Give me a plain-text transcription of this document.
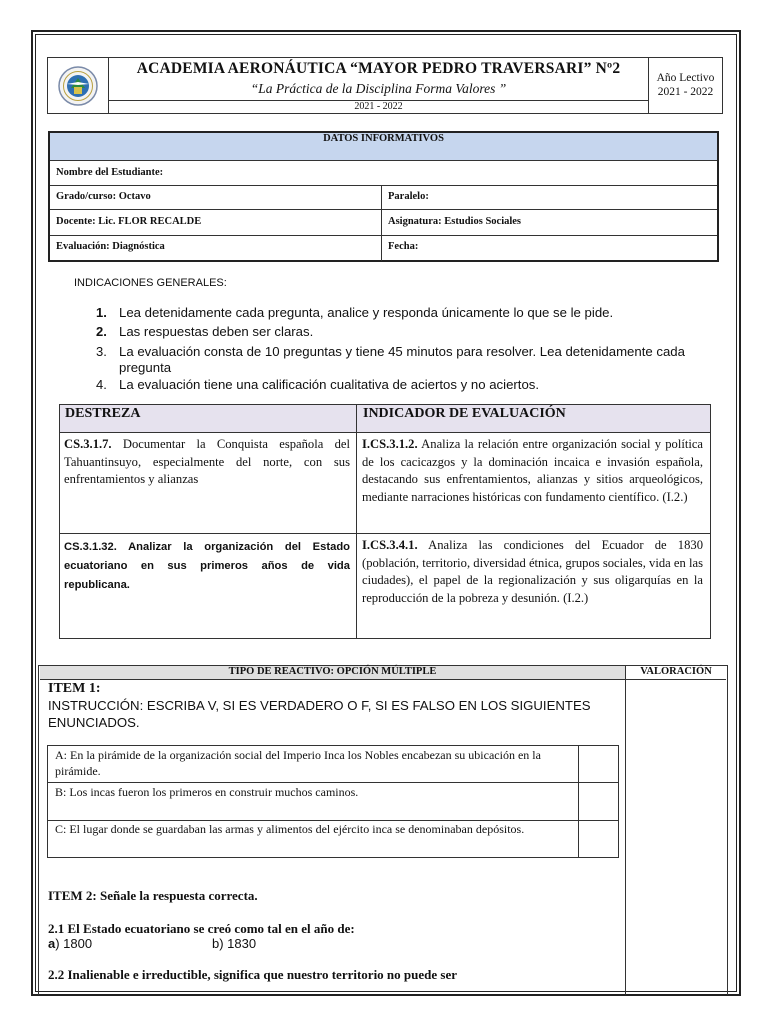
ACADEMIA AERONÁUTICA “MAYOR PEDRO TRAVERSARI” Nº2
“La Práctica de la Disciplina Forma Valores ”
2021 - 2022
Año Lectivo
2021 - 2022
DATOS INFORMATIVOS
Nombre del Estudiante:
Grado/curso: Octavo	Paralelo:
Docente: Lic. FLOR RECALDE	Asignatura: Estudios Sociales
Evaluación: Diagnóstica	Fecha:
INDICACIONES GENERALES:
1. Lea detenidamente cada pregunta, analice y responda únicamente lo que se le pide.
2. Las respuestas deben ser claras.
3. La evaluación consta de 10 preguntas y tiene 45 minutos para resolver. Lea detenidamente cada pregunta
4. La evaluación tiene una calificación cualitativa de aciertos y no aciertos.
DESTREZA	INDICADOR DE EVALUACIÓN
CS.3.1.7. Documentar la Conquista española del Tahuantinsuyo, especialmente del norte, con sus enfrentamientos y alianzas
I.CS.3.1.2. Analiza la relación entre organización social y política de los cacicazgos y la dominación incaica e invasión española, destacando sus enfrentamientos, alianzas y sitios arqueológicos, mediante narraciones históricas con fundamento científico. (I.2.)
CS.3.1.32. Analizar la organización del Estado ecuatoriano en sus primeros años de vida republicana.
I.CS.3.4.1. Analiza las condiciones del Ecuador de 1830 (población, territorio, diversidad étnica, grupos sociales, vida en las ciudades), el papel de la regionalización y sus oligarquías en la reproducción de la pobreza y desunión. (I.2.)
TIPO DE REACTIVO: OPCIÓN MÚLTIPLE	VALORACIÓN
ITEM 1:
INSTRUCCIÓN: ESCRIBA V, SI ES VERDADERO O F, SI ES FALSO EN LOS SIGUIENTES ENUNCIADOS.
A: En la pirámide de la organización social del Imperio Inca los Nobles encabezan su ubicación en la pirámide.
B: Los incas fueron los primeros en construir muchos caminos.
C: El lugar donde se guardaban las armas y alimentos del ejército inca se denominaban depósitos.
ITEM 2: Señale la respuesta correcta.
2.1 El Estado ecuatoriano se creó como tal en el año de:
a) 1800	b) 1830
2.2 Inalienable e irreductible, significa que nuestro territorio no puede ser
